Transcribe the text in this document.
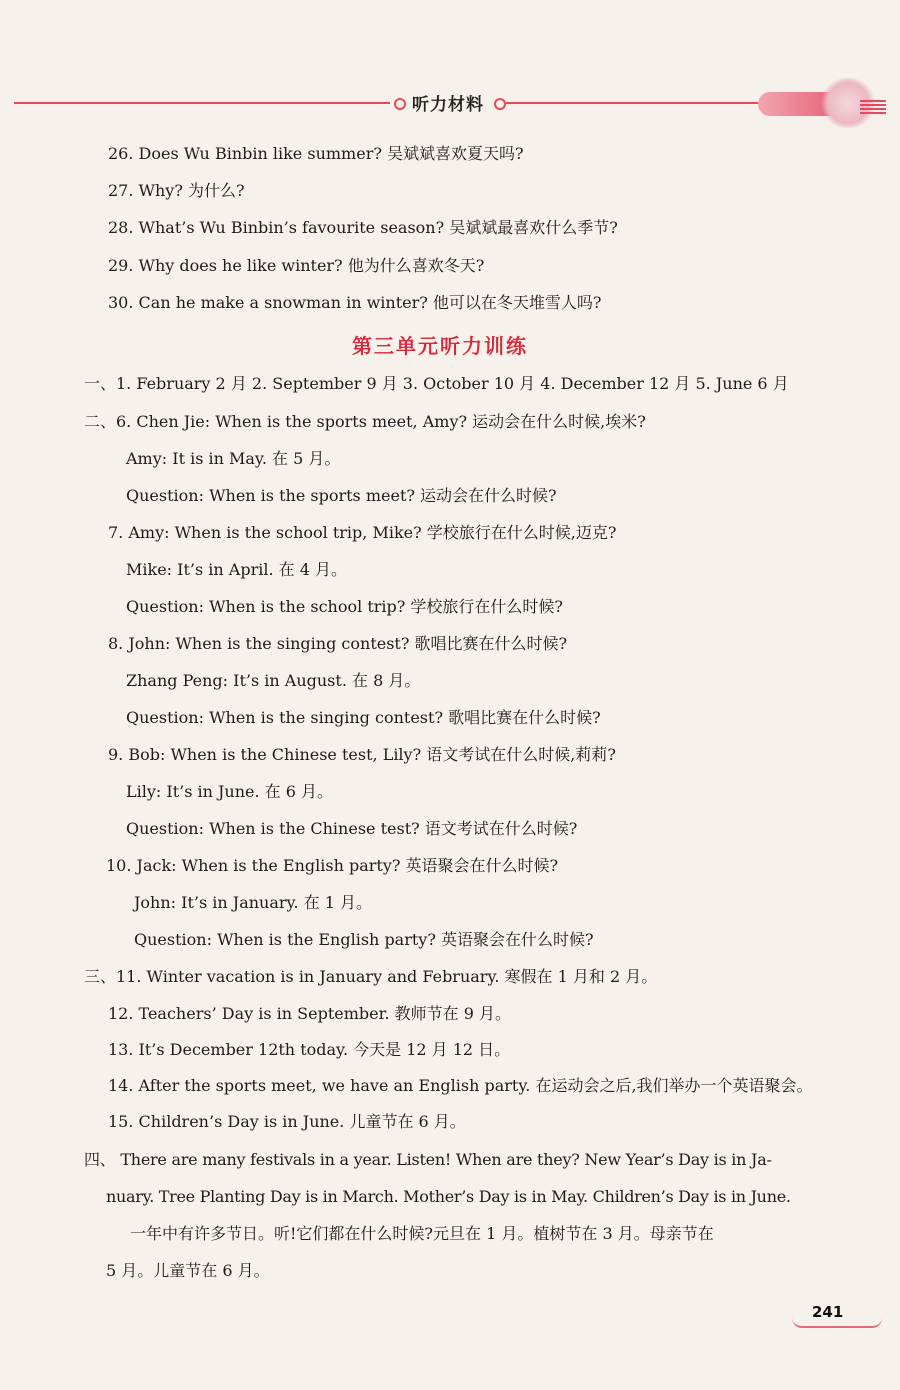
听力材料
26. Does Wu Binbin like summer? 吴斌斌喜欢夏天吗?
27. Why? 为什么?
28. What’s Wu Binbin’s favourite season? 吴斌斌最喜欢什么季节?
29. Why does he like winter? 他为什么喜欢冬天?
30. Can he make a snowman in winter? 他可以在冬天堆雪人吗?
第三单元听力训练
一、1. February 2 月 2. September 9 月 3. October 10 月 4. December 12 月 5. June 6 月
二、6. Chen Jie: When is the sports meet, Amy? 运动会在什么时候,埃米?
Amy: It is in May. 在 5 月。
Question: When is the sports meet? 运动会在什么时候?
7. Amy: When is the school trip, Mike? 学校旅行在什么时候,迈克?
Mike: It’s in April. 在 4 月。
Question: When is the school trip? 学校旅行在什么时候?
8. John: When is the singing contest? 歌唱比赛在什么时候?
Zhang Peng: It’s in August. 在 8 月。
Question: When is the singing contest? 歌唱比赛在什么时候?
9. Bob: When is the Chinese test, Lily? 语文考试在什么时候,莉莉?
Lily: It’s in June. 在 6 月。
Question: When is the Chinese test? 语文考试在什么时候?
10. Jack: When is the English party? 英语聚会在什么时候?
John: It’s in January. 在 1 月。
Question: When is the English party? 英语聚会在什么时候?
三、11. Winter vacation is in January and February. 寒假在 1 月和 2 月。
12. Teachers’ Day is in September. 教师节在 9 月。
13. It’s December 12th today. 今天是 12 月 12 日。
14. After the sports meet, we have an English party. 在运动会之后,我们举办一个英语聚会。
15. Children’s Day is in June. 儿童节在 6 月。
四、 There are many festivals in a year. Listen! When are they? New Year’s Day is in Ja-
nuary. Tree Planting Day is in March. Mother’s Day is in May. Children’s Day is in June.
一年中有许多节日。听!它们都在什么时候?元旦在 1 月。植树节在 3 月。母亲节在
5 月。儿童节在 6 月。
241
